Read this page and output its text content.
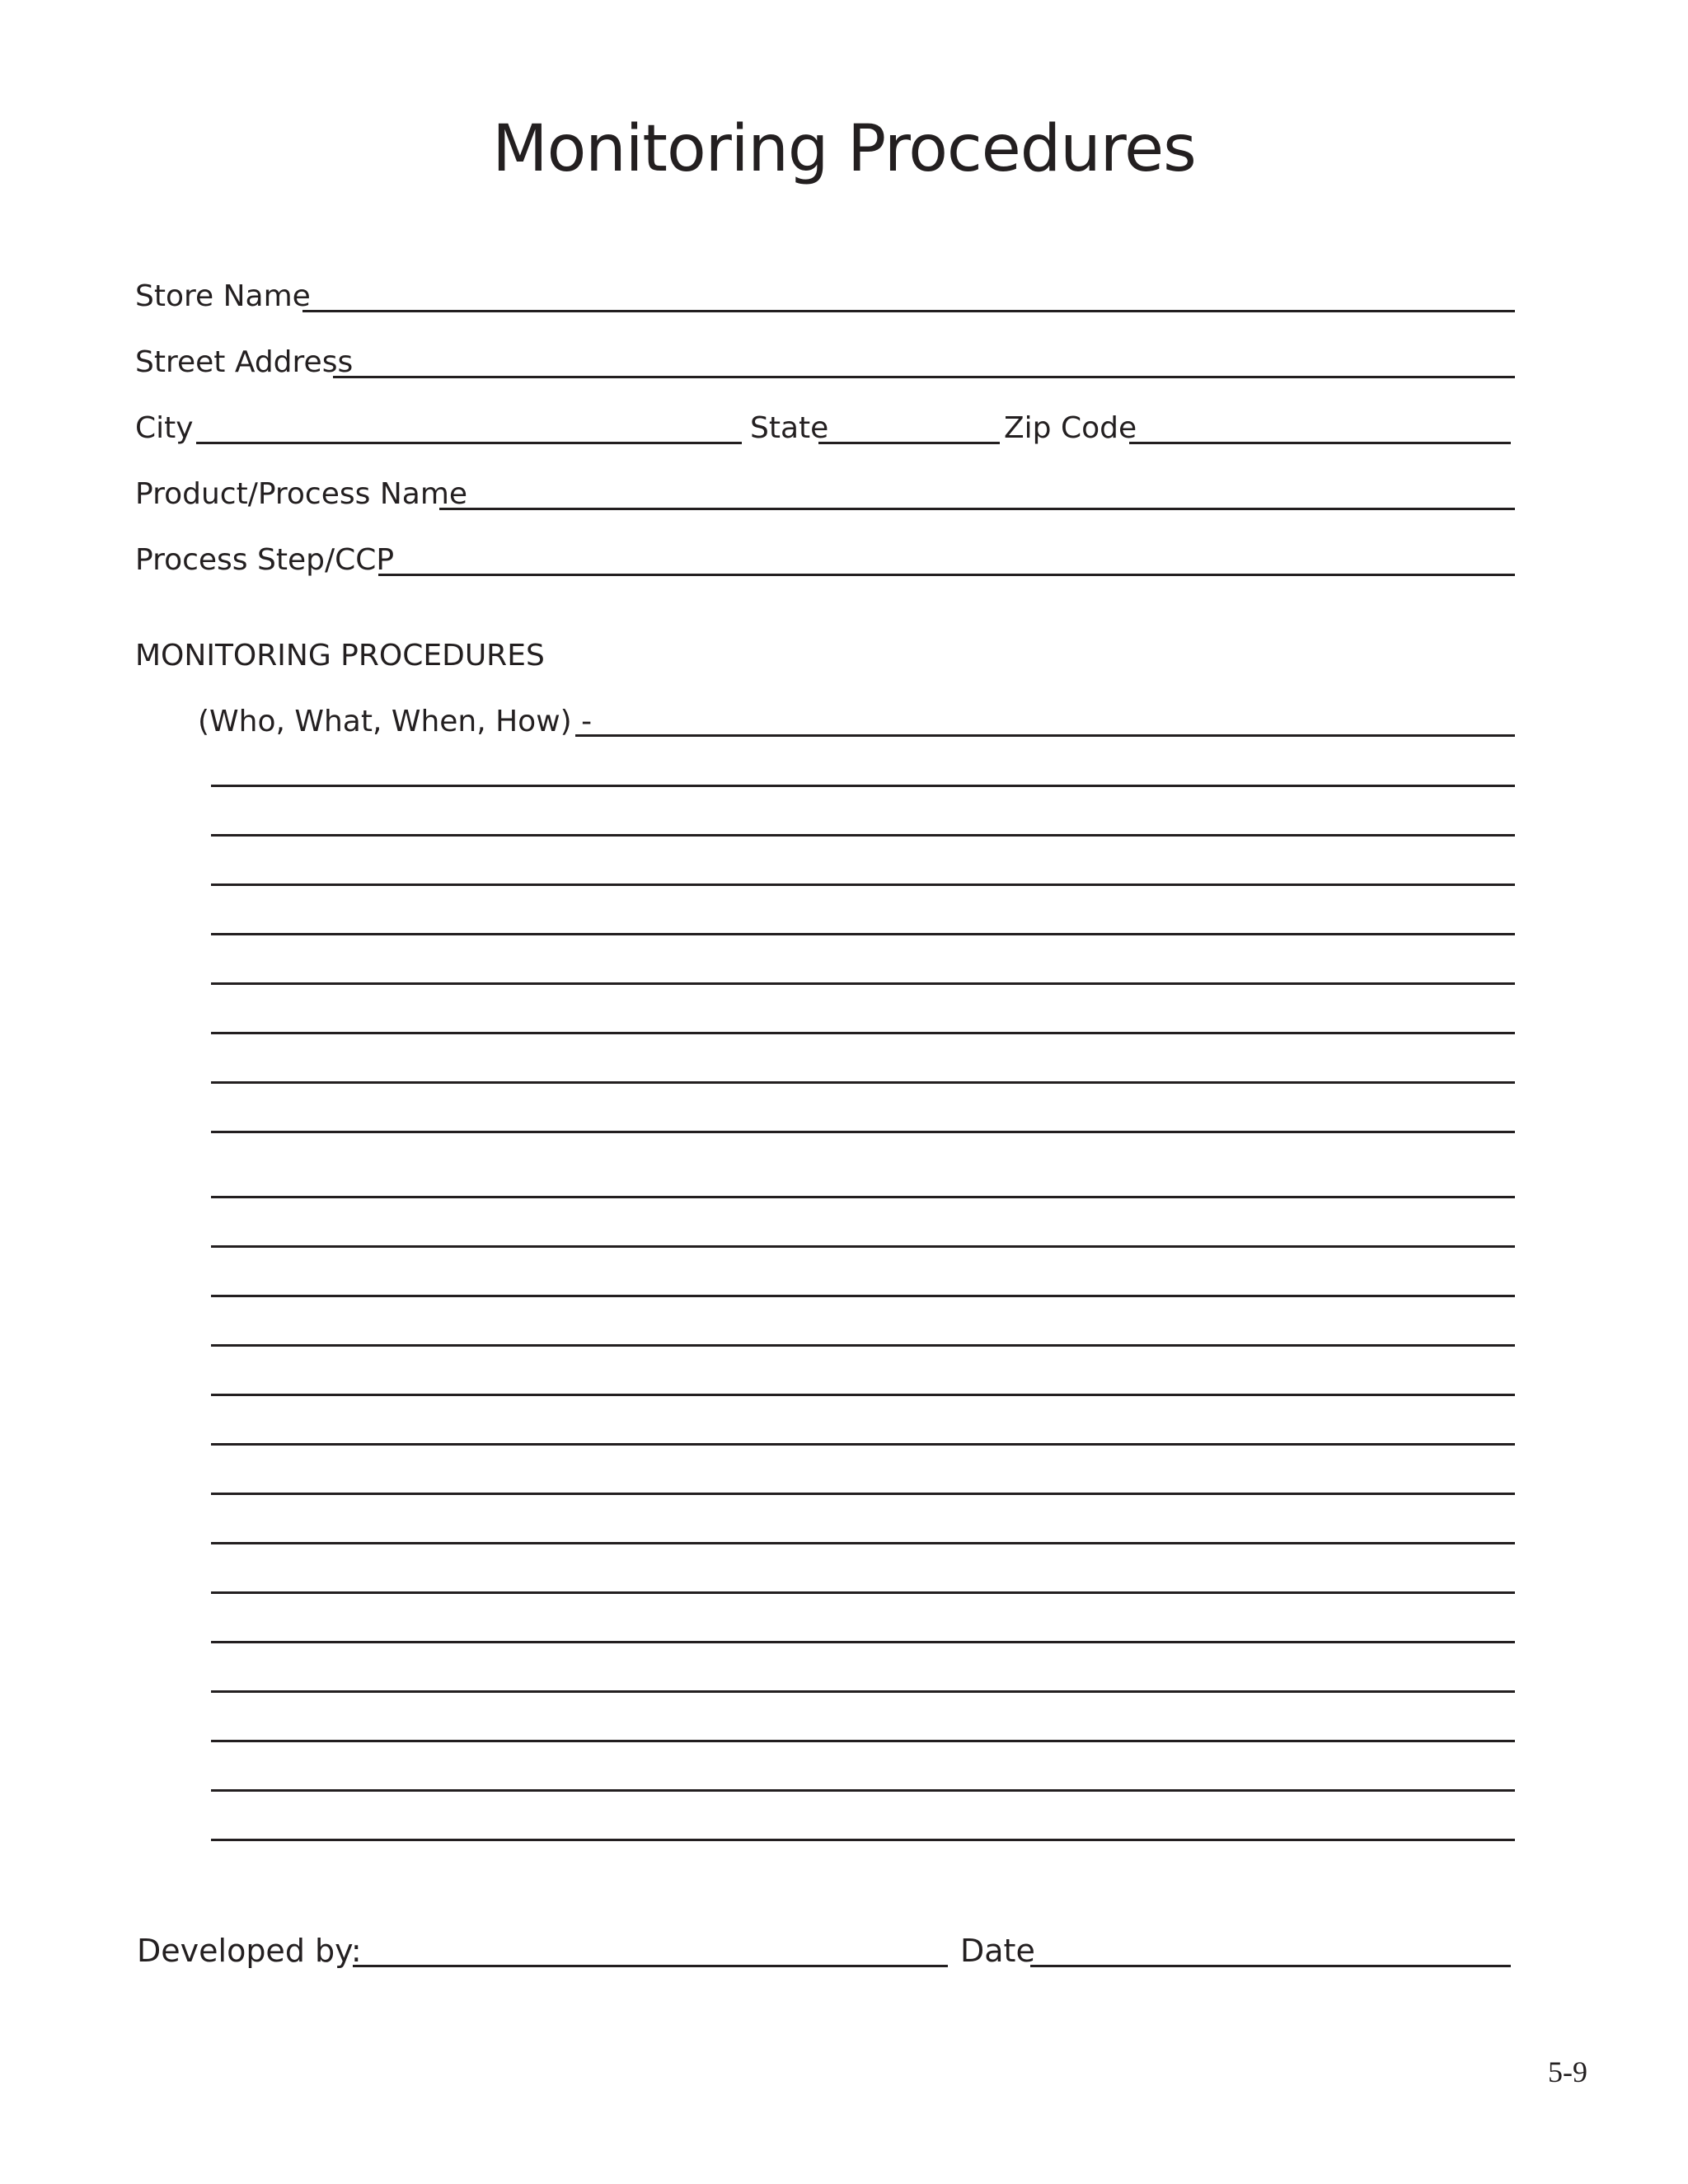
Monitoring Procedures
Store Name
Street Address
City	State	Zip Code
Product/Process Name
Process Step/CCP
MONITORING PROCEDURES
(Who, What, When, How) -
Developed by:	Date
5-9
